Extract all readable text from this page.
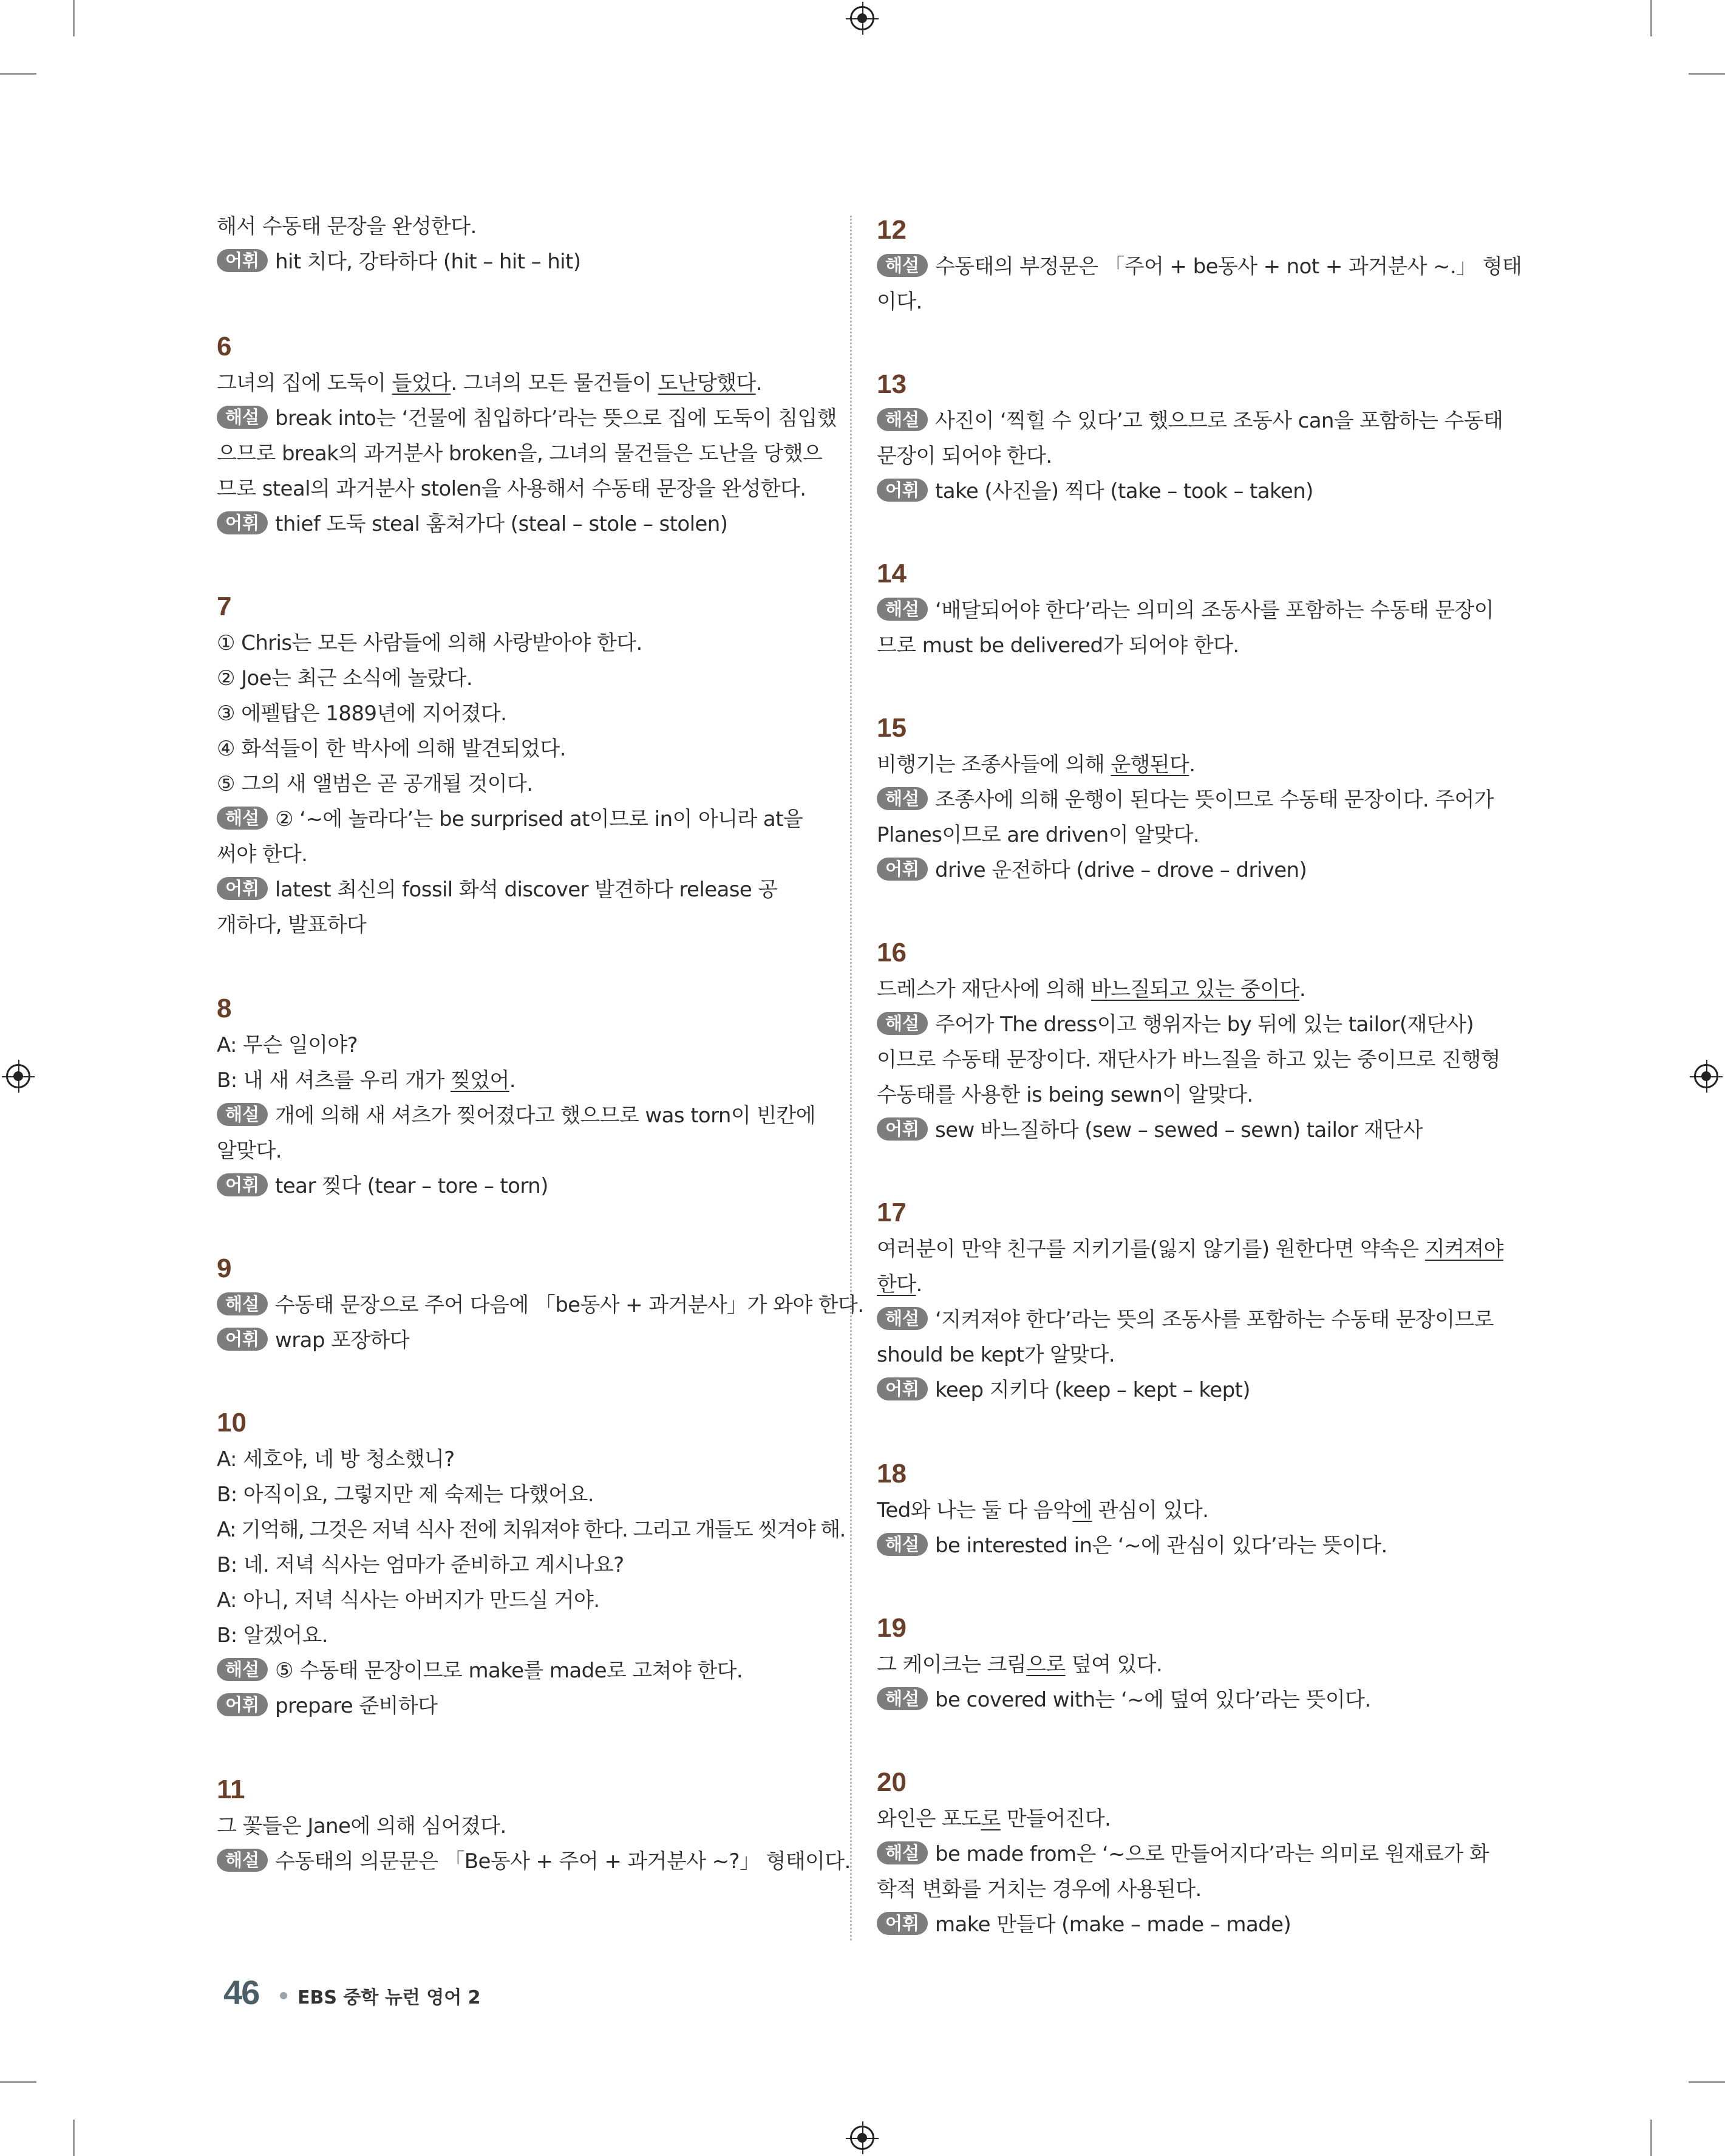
해서 수동태 문장을 완성한다.
어휘 hit 치다, 강타하다 (hit – hit – hit)
6
그녀의 집에 도둑이 들었다. 그녀의 모든 물건들이 도난당했다.
해설 break into는 ‘건물에 침입하다’라는 뜻으로 집에 도둑이 침입했
으므로 break의 과거분사 broken을, 그녀의 물건들은 도난을 당했으
므로 steal의 과거분사 stolen을 사용해서 수동태 문장을 완성한다.
어휘 thief 도둑 steal 훔쳐가다 (steal – stole – stolen)
7
① Chris는 모든 사람들에 의해 사랑받아야 한다.
② Joe는 최근 소식에 놀랐다.
③ 에펠탑은 1889년에 지어졌다.
④ 화석들이 한 박사에 의해 발견되었다.
⑤ 그의 새 앨범은 곧 공개될 것이다.
해설 ② ‘~에 놀라다’는 be surprised at이므로 in이 아니라 at을
써야 한다.
어휘 latest 최신의 fossil 화석 discover 발견하다 release 공
개하다, 발표하다
8
A: 무슨 일이야?
B: 내 새 셔츠를 우리 개가 찢었어.
해설 개에 의해 새 셔츠가 찢어졌다고 했으므로 was torn이 빈칸에
알맞다.
어휘 tear 찢다 (tear – tore – torn)
9
해설 수동태 문장으로 주어 다음에 「be동사 + 과거분사」가 와야 한다.
어휘 wrap 포장하다
10
A: 세호야, 네 방 청소했니?
B: 아직이요, 그렇지만 제 숙제는 다했어요.
A: 기억해, 그것은 저녁 식사 전에 치워져야 한다. 그리고 개들도 씻겨야 해.
B: 네. 저녁 식사는 엄마가 준비하고 계시나요?
A: 아니, 저녁 식사는 아버지가 만드실 거야.
B: 알겠어요.
해설 ⑤ 수동태 문장이므로 make를 made로 고쳐야 한다.
어휘 prepare 준비하다
11
그 꽃들은 Jane에 의해 심어졌다.
해설 수동태의 의문문은 「Be동사 + 주어 + 과거분사 ~?」 형태이다.
12
해설 수동태의 부정문은 「주어 + be동사 + not + 과거분사 ~.」 형태
이다.
13
해설 사진이 ‘찍힐 수 있다’고 했으므로 조동사 can을 포함하는 수동태
문장이 되어야 한다.
어휘 take (사진을) 찍다 (take – took – taken)
14
해설 ‘배달되어야 한다’라는 의미의 조동사를 포함하는 수동태 문장이
므로 must be delivered가 되어야 한다.
15
비행기는 조종사들에 의해 운행된다.
해설 조종사에 의해 운행이 된다는 뜻이므로 수동태 문장이다. 주어가
Planes이므로 are driven이 알맞다.
어휘 drive 운전하다 (drive – drove – driven)
16
드레스가 재단사에 의해 바느질되고 있는 중이다.
해설 주어가 The dress이고 행위자는 by 뒤에 있는 tailor(재단사)
이므로 수동태 문장이다. 재단사가 바느질을 하고 있는 중이므로 진행형
수동태를 사용한 is being sewn이 알맞다.
어휘 sew 바느질하다 (sew – sewed – sewn) tailor 재단사
17
여러분이 만약 친구를 지키기를(잃지 않기를) 원한다면 약속은 지켜져야
한다.
해설 ‘지켜져야 한다’라는 뜻의 조동사를 포함하는 수동태 문장이므로
should be kept가 알맞다.
어휘 keep 지키다 (keep – kept – kept)
18
Ted와 나는 둘 다 음악에 관심이 있다.
해설 be interested in은 ‘~에 관심이 있다’라는 뜻이다.
19
그 케이크는 크림으로 덮여 있다.
해설 be covered with는 ‘~에 덮여 있다’라는 뜻이다.
20
와인은 포도로 만들어진다.
해설 be made from은 ‘~으로 만들어지다’라는 의미로 원재료가 화
학적 변화를 거치는 경우에 사용된다.
어휘 make 만들다 (make – made – made)
46 EBS 중학 뉴런 영어 2
